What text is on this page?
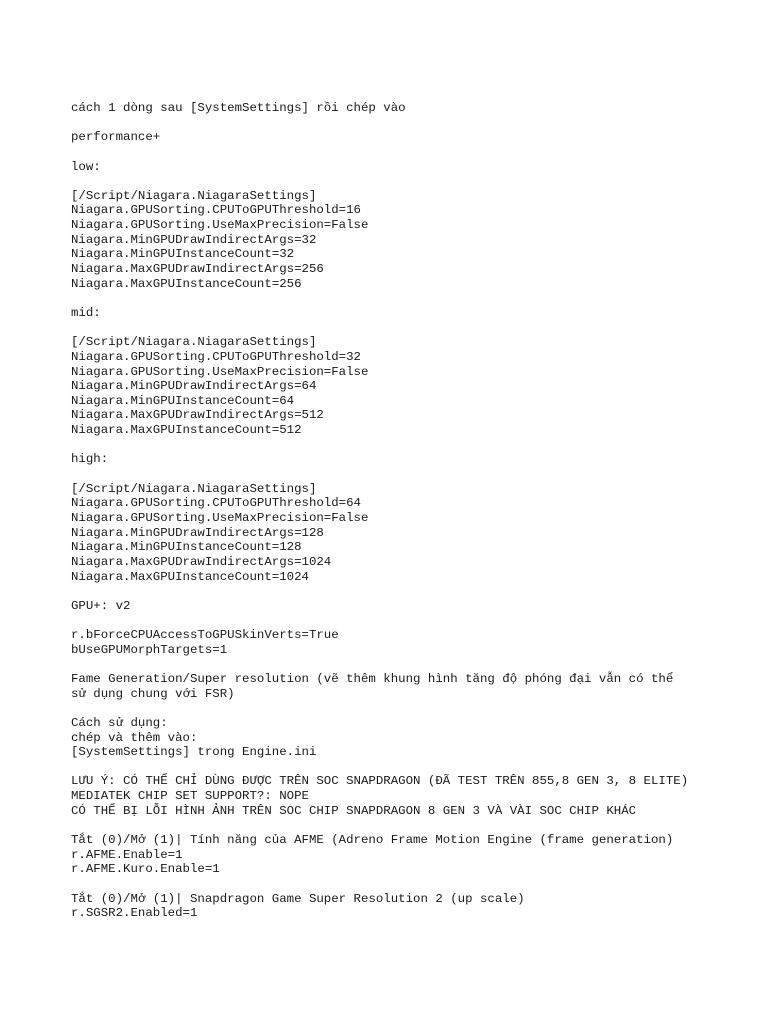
cách 1 dòng sau [SystemSettings] rồi chép vào
performance+
low:
[/Script/Niagara.NiagaraSettings]
Niagara.GPUSorting.CPUToGPUThreshold=16
Niagara.GPUSorting.UseMaxPrecision=False
Niagara.MinGPUDrawIndirectArgs=32
Niagara.MinGPUInstanceCount=32
Niagara.MaxGPUDrawIndirectArgs=256
Niagara.MaxGPUInstanceCount=256
mid:
[/Script/Niagara.NiagaraSettings]
Niagara.GPUSorting.CPUToGPUThreshold=32
Niagara.GPUSorting.UseMaxPrecision=False
Niagara.MinGPUDrawIndirectArgs=64
Niagara.MinGPUInstanceCount=64
Niagara.MaxGPUDrawIndirectArgs=512
Niagara.MaxGPUInstanceCount=512
high:
[/Script/Niagara.NiagaraSettings]
Niagara.GPUSorting.CPUToGPUThreshold=64
Niagara.GPUSorting.UseMaxPrecision=False
Niagara.MinGPUDrawIndirectArgs=128
Niagara.MinGPUInstanceCount=128
Niagara.MaxGPUDrawIndirectArgs=1024
Niagara.MaxGPUInstanceCount=1024
GPU+: v2
r.bForceCPUAccessToGPUSkinVerts=True
bUseGPUMorphTargets=1
Fame Generation/Super resolution (vẽ thêm khung hình tăng độ phóng đại vẫn có thể
sử dụng chung với FSR)
Cách sử dụng:
chép và thêm vào:
[SystemSettings] trong Engine.ini
LƯU Ý: CÓ THỂ CHỈ DÙNG ĐƯỢC TRÊN SOC SNAPDRAGON (ĐÃ TEST TRÊN 855,8 GEN 3, 8 ELITE)
MEDIATEK CHIP SET SUPPORT?: NOPE
CÓ THỂ BỊ LỖI HÌNH ẢNH TRÊN SOC CHIP SNAPDRAGON 8 GEN 3 VÀ VÀI SOC CHIP KHÁC
Tắt (0)/Mở (1)| Tính năng của AFME (Adreno Frame Motion Engine (frame generation)
r.AFME.Enable=1
r.AFME.Kuro.Enable=1
Tắt (0)/Mở (1)| Snapdragon Game Super Resolution 2 (up scale)
r.SGSR2.Enabled=1
